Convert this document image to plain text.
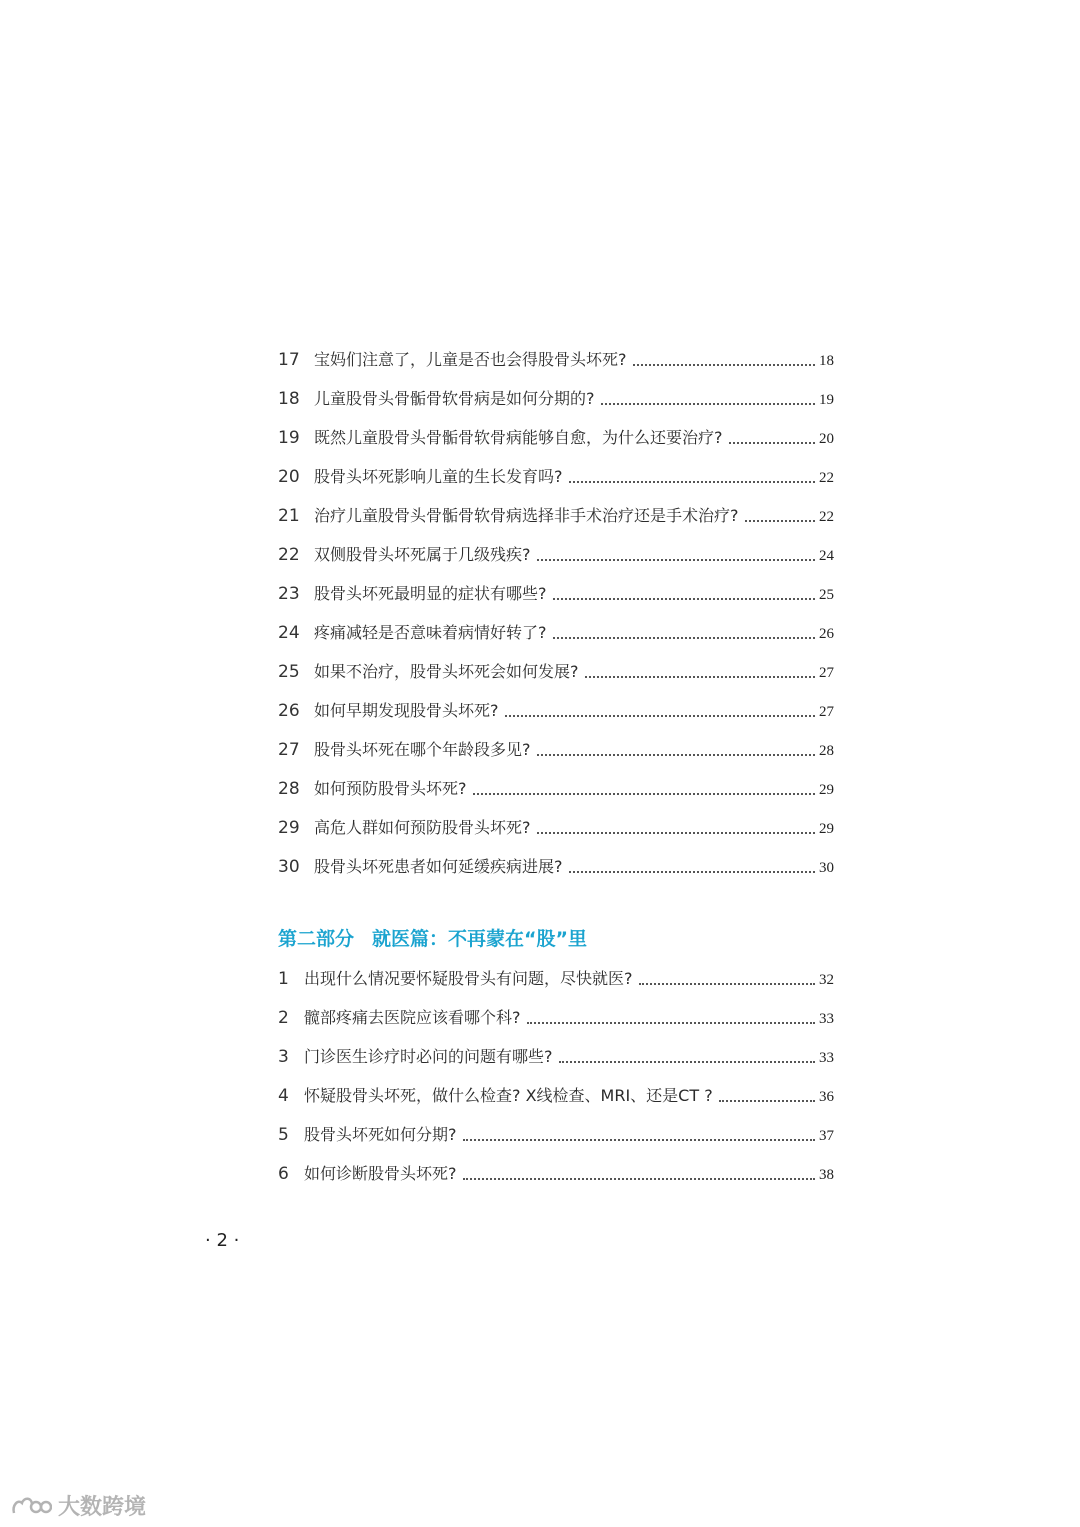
17 宝妈们注意了，儿童是否也会得股骨头坏死?	18
18 儿童股骨头骨骺骨软骨病是如何分期的?	19
19 既然儿童股骨头骨骺骨软骨病能够自愈，为什么还要治疗?	20
20 股骨头坏死影响儿童的生长发育吗?	22
21 治疗儿童股骨头骨骺骨软骨病选择非手术治疗还是手术治疗?	22
22 双侧股骨头坏死属于几级残疾?	24
23 股骨头坏死最明显的症状有哪些?	25
24 疼痛减轻是否意味着病情好转了?	26
25 如果不治疗，股骨头坏死会如何发展?	27
26 如何早期发现股骨头坏死?	27
27 股骨头坏死在哪个年龄段多见?	28
28 如何预防股骨头坏死?	29
29 高危人群如何预防股骨头坏死?	29
30 股骨头坏死患者如何延缓疾病进展?	30
第二部分 就医篇：不再蒙在“股”里
1 出现什么情况要怀疑股骨头有问题，尽快就医?	32
2 髋部疼痛去医院应该看哪个科?	33
3 门诊医生诊疗时必问的问题有哪些?	33
4 怀疑股骨头坏死，做什么检查? X线检查、MRI、还是CT ?	36
5 股骨头坏死如何分期?	37
6 如何诊断股骨头坏死?	38
· 2 ·
大数跨境
